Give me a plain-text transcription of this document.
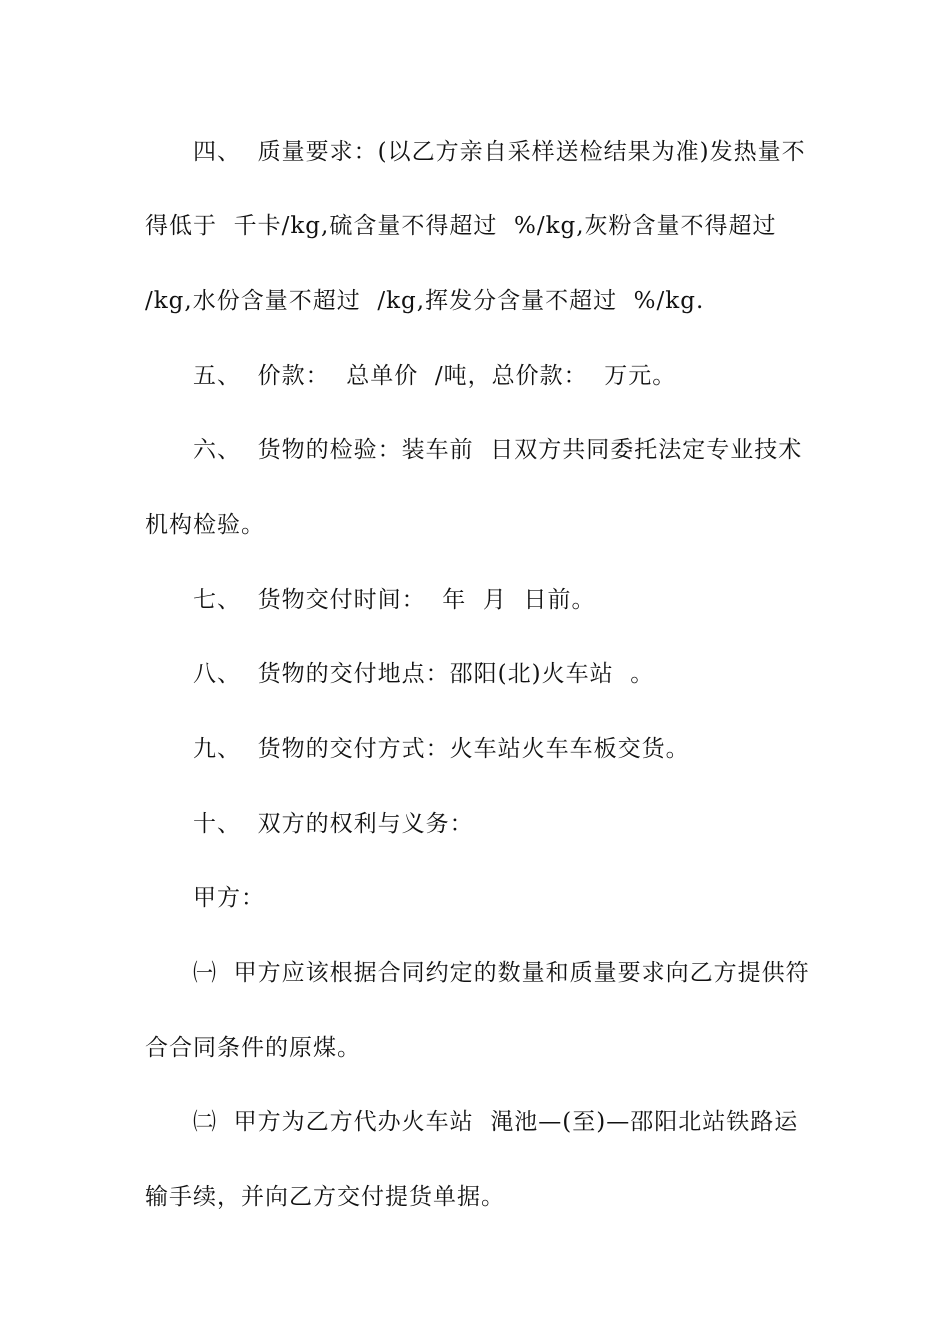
四、  质量要求：(以乙方亲自采样送检结果为准)发热量不
得低于  千卡/kg,硫含量不得超过  %/kg,灰粉含量不得超过
/kg,水份含量不超过  /kg,挥发分含量不超过  %/kg.
五、  价款：  总单价  /吨，总价款：  万元。
六、  货物的检验：装车前  日双方共同委托法定专业技术
机构检验。
七、  货物交付时间：  年  月  日前。
八、  货物的交付地点：邵阳(北)火车站  。
九、  货物的交付方式：火车站火车车板交货。
十、  双方的权利与义务：
甲方：
㈠  甲方应该根据合同约定的数量和质量要求向乙方提供符
合合同条件的原煤。
㈡  甲方为乙方代办火车站  渑池—(至)—邵阳北站铁路运
输手续，并向乙方交付提货单据。
